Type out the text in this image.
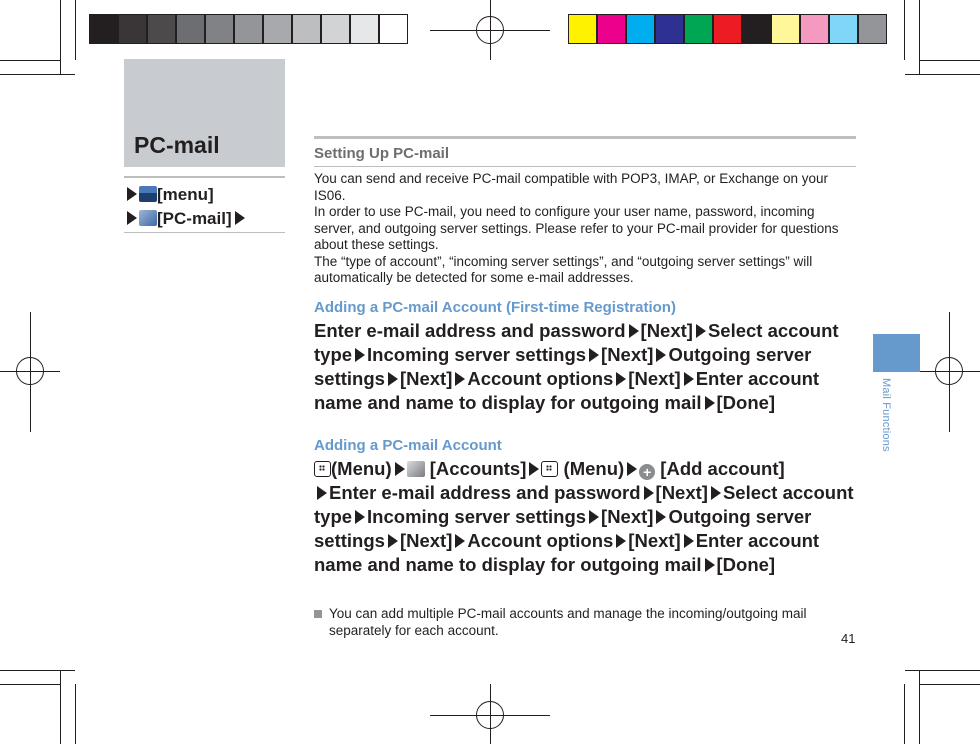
PC-mail
[menu]
[PC-mail]
Setting Up PC-mail
You can send and receive PC-mail compatible with POP3, IMAP, or Exchange on your IS06.
In order to use PC-mail, you need to configure your user name, password, incoming server, and outgoing server settings. Please refer to your PC-mail provider for questions about these settings.
The “type of account”, “incoming server settings”, and “outgoing server settings” will automatically be detected for some e-mail addresses.
Adding a PC-mail Account (First-time Registration)
Enter e-mail address and password [Next] Select account type Incoming server settings [Next] Outgoing server settings [Next] Account options [Next] Enter account name and name to display for outgoing mail [Done]
Adding a PC-mail Account
(Menu) [Accounts] (Menu) + [Add account]
Enter e-mail address and password [Next] Select account type Incoming server settings [Next] Outgoing server settings [Next] Account options [Next] Enter account name and name to display for outgoing mail [Done]
You can add multiple PC-mail accounts and manage the incoming/outgoing mail separately for each account.
41
Mail Functions
